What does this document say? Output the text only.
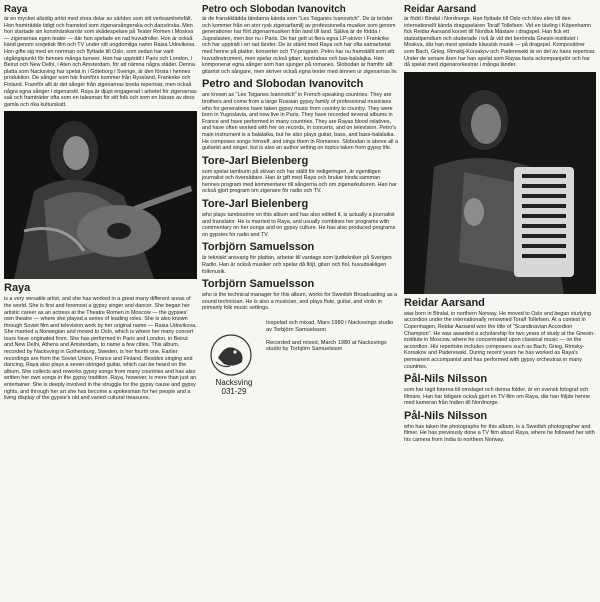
Raya

är en mycket allsidig artist med stora delar av världen som sitt verksamhetsfält. Hon framträdde tidigt och framstod som zigenarsångerska och dansörska. Men hon startade sin konstnärskarriär som skådespelare på Teater Romen i Moskva — zigenarnas egen teater — där hon spelade en rad huvudroller. Hon är också känd genom sovjetisk film och TV under sitt ungdomliga namn Raisa Udovikova. Hon gifte sig med en norrman och flyttade till Oslo, som sedan har varit utgångspunkt för hennes många turneer. Hon har uppträtt i Paris och London, i Beirut och New Delhi, i Aten och Amsterdam, för att nämna några städer. Denna platta som Nacksving har spelat in i Göteborg i Sverige, är den första i hennes produktion. De sånger som här framförs kommer från Ryssland, Frankrike och Finland. Framför allt är det sånger från zigenarnas breda repertoar, men också några egna sånger i zigenarstil. Raya är djupt engagerad i arbetet för zigenarnas sak och framträder ofta som en talesman för sitt folk och som en bärare av dess gamla och rika kulturskatt.

Raya

is a very versatile artist, and she has worked in a great many different areas of the world. She is first and foremost a gypsy singer and dancer. She began her artistic career as an actress at the Theatre Romen in Moscow — the gypsies' own theatre — where she played a series of leading roles. She is also known through Soviet film and television work by her original name — Raisa Udovikova. She married a Norwegian and moved to Oslo, which is where her many concert tours have originated from. She has performed in Paris and London, in Beirut and New Delhi, Athens and Amsterdam, to name a few cities. This album, recorded by Nacksving in Gothenburg, Sweden, is her fourth one. Earlier recordings are from the Soviet Union, France and Finland. Besides singing and dancing, Raya also plays a seven-stringed guitar, which can be heard on the album. She collects and reworks gypsy songs from many countries and has also written her own songs in the gypsy tradition. Raya, however, is more than just an entertainer. She is deeply involved in the struggle for the gypsy cause and gypsy rights, and through her art she has become a spokesman for her people and a living display of the gypsie's old and varied cultural treasures.

Petro och Slobodan Ivanovitch

är de franskklädda tändarna kända som "Les Tsiganes Ivanovitch". De är bröder och kommer från en stor rysk zigenarfamilj av professionella musiker som genom generationer har fört zigenarmusiken från land till land. Själva är de födda i Jugoslavien, men bor nu i Paris. De har gett ut flera egna LP-skivor i Frankrike och har uppträtt i en rad länder. De är stärkt med Raya och har ofta samarbetat med henne på plattor, konserter och TV-program. Petro har nu framställt som sitt huvudinstrument, men spelar också gitarr, kontrabas och bas-balalajka. Han komponerar egna sånger som han sjunger på romanes. Slobodan är framför allt gitarrist och sångare, men skriver också egna texter med ämnen ur zigenarnas liv.

Petro and Slobodan Ivanovitch

are known as "Les Tsiganes Ivanovitch" in French-speaking countries. They are brothers and come from a large Russian gypsy family of professional musicians who for generations have taken gypsy music from country to country. They were born in Yugoslavia, and now live in Paris. They have recorded several albums in France and have performed in many countries. They are Rayas blood relatives, and have often worked with her on records, in concerts, and on television. Petro's main instrument is a balalaika, but he also plays guitar, bass, and bass-balalaika. He composes songs himself, and sings them in Romanes. Slobodan is above all a guitarist and singer, but is also an author writing on topics taken from gypsy life.

Tore-Jarl Bielenberg

som spelar tamburin på skivan och har ställt för redigeringen, är egentligen journalist och översättare. Han är gift med Raya och brukar binda samman hennes program med kommentarer till sångerna och om zigenarkulturen. Han har också gjort program om zigenare för radio och TV.

Tore-Jarl Bielenberg

who plays tambourine on this album and has also edited it, is actually a journalist and translator. He is married to Raya, and usually combines her programs with commentary on her songs and on gypsy culture. He has also produced programs on gypsies for radio and TV.

Torbjörn Samuelsson

är tekniskt ansvarig för plattan, arbetar till vardags som ljudtekniker på Sveriges Radio. Han är också musiker och spelar då flöjt, gitarr och fiol, huvudsakligen folkmusik.

Torbjörn Samuelsson

who is the technical manager for this album, works for Swedish Broadcasting as a sound technician. He is also a musician, and plays flute, guitar, and violin in primarily folk music settings.

Nacksving
031-29

Inspelad och mixad, Mars 1980 i Nacksvings studio av Torbjörn Samuelsson

Recorded and mixed, March 1980 at Nacksvings studio by Torbjörn Samuelsson

Reidar Aarsand

är född i Bindal i Nordnorge. Han flyttade till Oslo och blev elev till den internationellt kända dragspelaren Toralf Tollefsen. Vid en tävling i Köpenhamn fick Reidar Aarsand korset till Nordisk Mästare i dragspel. Han fick ett statsstipendium och studerade i två år vid det berömda Gnesin-institutet i Moskva, där han mest spelade klassisk musik — på dragspel. Kompositörer som Bach, Grieg, Rimskij-Korsakov och Paderewski är en del av hans repertoar. Under de senare åren har han spelat som Rayas fasta ackompanjatör och har då spelat med zigenarorkestrar i många länder.

Reidar Aarsand

was born in Bindal, in northern Norway. He moved to Oslo and began studying accordion under the internationally renowned Toralf Tollefsen. At a contest in Copenhagen, Reidar Aarsand won the title of "Scandinavian Accordion Champion". He was awarded a scholarship for two years of study at the Gnesin-institute in Moscow, where he concentrated upon classical music — on the accordion. His repertoire includes composers such as Bach, Grieg, Rimsky-Korsakov and Paderewski. During recent years he has worked as Raya's permanent accompanist and has performed with gypsy orchestras in many countries.

Pål-Nils Nilsson

som har tagit foterna till omslaget och denna folder, är en svensk fotograf och filmare. Han har tidigare också gjort en TV-film om Raya, där han följde henne med kameran från Indien till Nordnorge.

Pål-Nils Nilsson

who has taken the photographs for this album, is a Swedish photographer and filmer. He has previously done a TV film about Raya, where he followed her with his camera from India to northern Norway.
